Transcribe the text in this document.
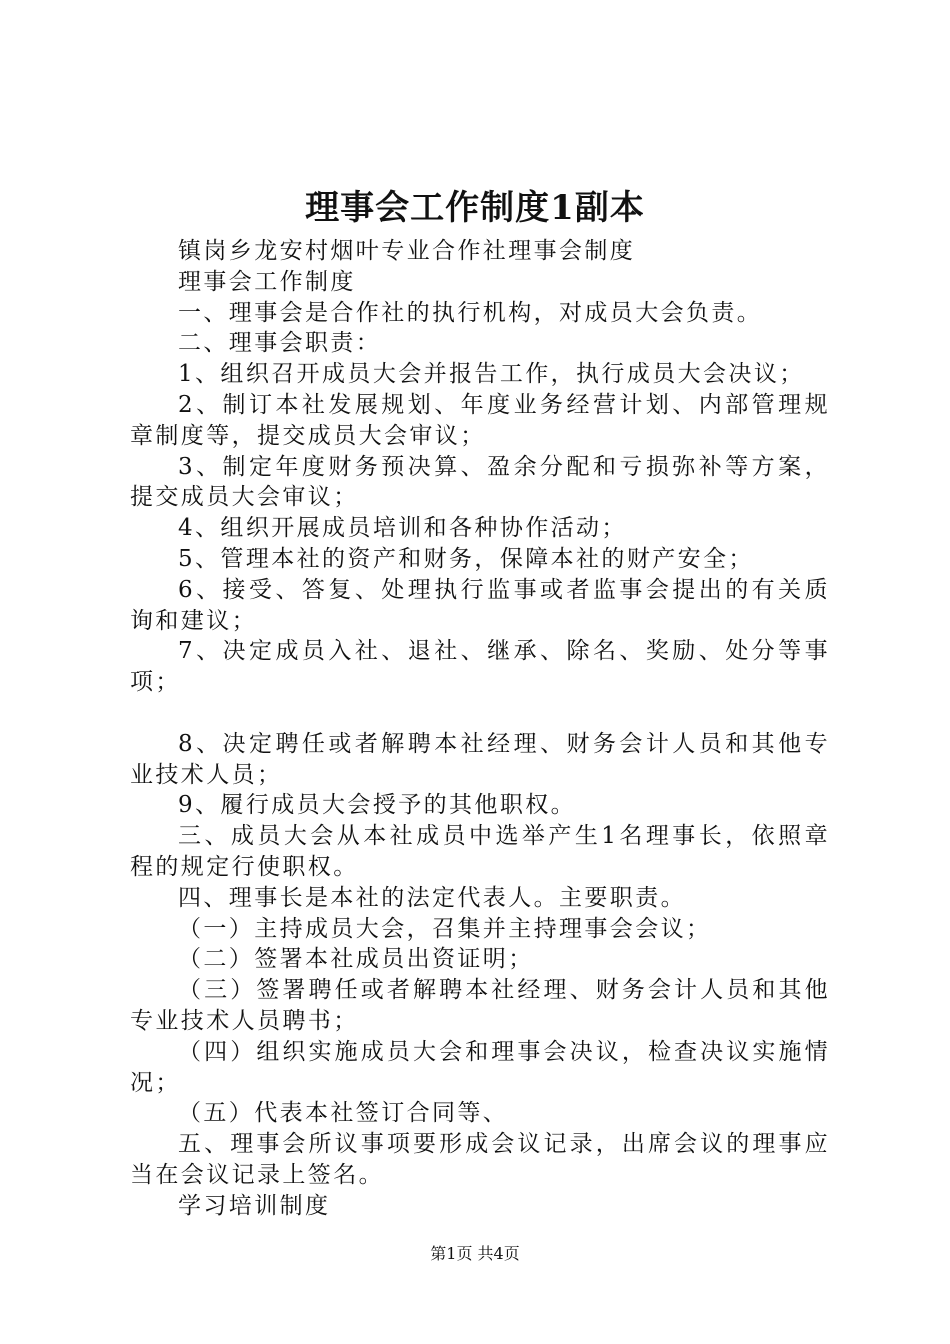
理事会工作制度1副本

镇岗乡龙安村烟叶专业合作社理事会制度

理事会工作制度

一、理事会是合作社的执行机构，对成员大会负责。

二、理事会职责：

1、组织召开成员大会并报告工作，执行成员大会决议；

2、制订本社发展规划、年度业务经营计划、内部管理规章制度等，提交成员大会审议；

3、制定年度财务预决算、盈余分配和亏损弥补等方案，提交成员大会审议；

4、组织开展成员培训和各种协作活动；

5、管理本社的资产和财务，保障本社的财产安全；

6、接受、答复、处理执行监事或者监事会提出的有关质询和建议；

7、决定成员入社、退社、继承、除名、奖励、处分等事项；

8、决定聘任或者解聘本社经理、财务会计人员和其他专业技术人员；

9、履行成员大会授予的其他职权。

三、成员大会从本社成员中选举产生1名理事长，依照章程的规定行使职权。

四、理事长是本社的法定代表人。主要职责。

（一）主持成员大会，召集并主持理事会会议；

（二）签署本社成员出资证明；

（三）签署聘任或者解聘本社经理、财务会计人员和其他专业技术人员聘书；

（四）组织实施成员大会和理事会决议，检查决议实施情况；

（五）代表本社签订合同等、

五、理事会所议事项要形成会议记录，出席会议的理事应当在会议记录上签名。

学习培训制度

第1页 共4页
